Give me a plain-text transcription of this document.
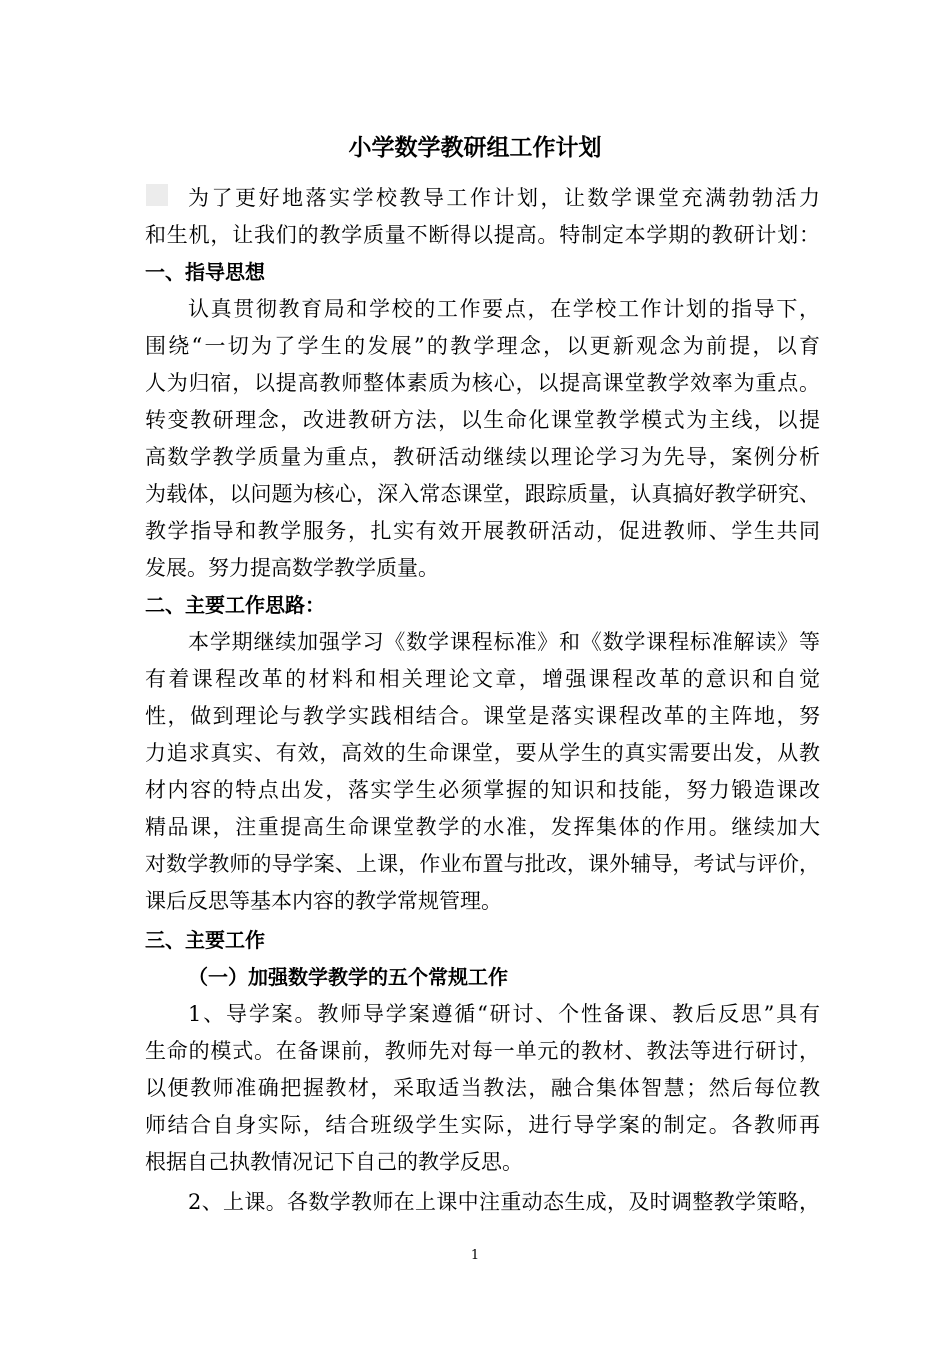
小学数学教研组工作计划
为了更好地落实学校教导工作计划，让数学课堂充满勃勃活力
和生机，让我们的教学质量不断得以提高。特制定本学期的教研计划：
一、指导思想
认真贯彻教育局和学校的工作要点，在学校工作计划的指导下，
围绕“一切为了学生的发展”的教学理念，以更新观念为前提，以育
人为归宿，以提高教师整体素质为核心，以提高课堂教学效率为重点。
转变教研理念，改进教研方法，以生命化课堂教学模式为主线，以提
高数学教学质量为重点，教研活动继续以理论学习为先导，案例分析
为载体，以问题为核心，深入常态课堂，跟踪质量，认真搞好教学研究、
教学指导和教学服务，扎实有效开展教研活动，促进教师、学生共同
发展。努力提高数学教学质量。
二、主要工作思路：
本学期继续加强学习《数学课程标准》和《数学课程标准解读》等
有着课程改革的材料和相关理论文章，增强课程改革的意识和自觉
性，做到理论与教学实践相结合。课堂是落实课程改革的主阵地，努
力追求真实、有效，高效的生命课堂，要从学生的真实需要出发，从教
材内容的特点出发，落实学生必须掌握的知识和技能，努力锻造课改
精品课，注重提高生命课堂教学的水准，发挥集体的作用。继续加大
对数学教师的导学案、上课，作业布置与批改，课外辅导，考试与评价，
课后反思等基本内容的教学常规管理。
三、主要工作
（一）加强数学教学的五个常规工作
1、导学案。教师导学案遵循“研讨、个性备课、教后反思”具有
生命的模式。在备课前，教师先对每一单元的教材、教法等进行研讨，
以便教师准确把握教材，采取适当教法，融合集体智慧；然后每位教
师结合自身实际，结合班级学生实际，进行导学案的制定。各教师再
根据自己执教情况记下自己的教学反思。
2、上课。各数学教师在上课中注重动态生成，及时调整教学策略，
1
